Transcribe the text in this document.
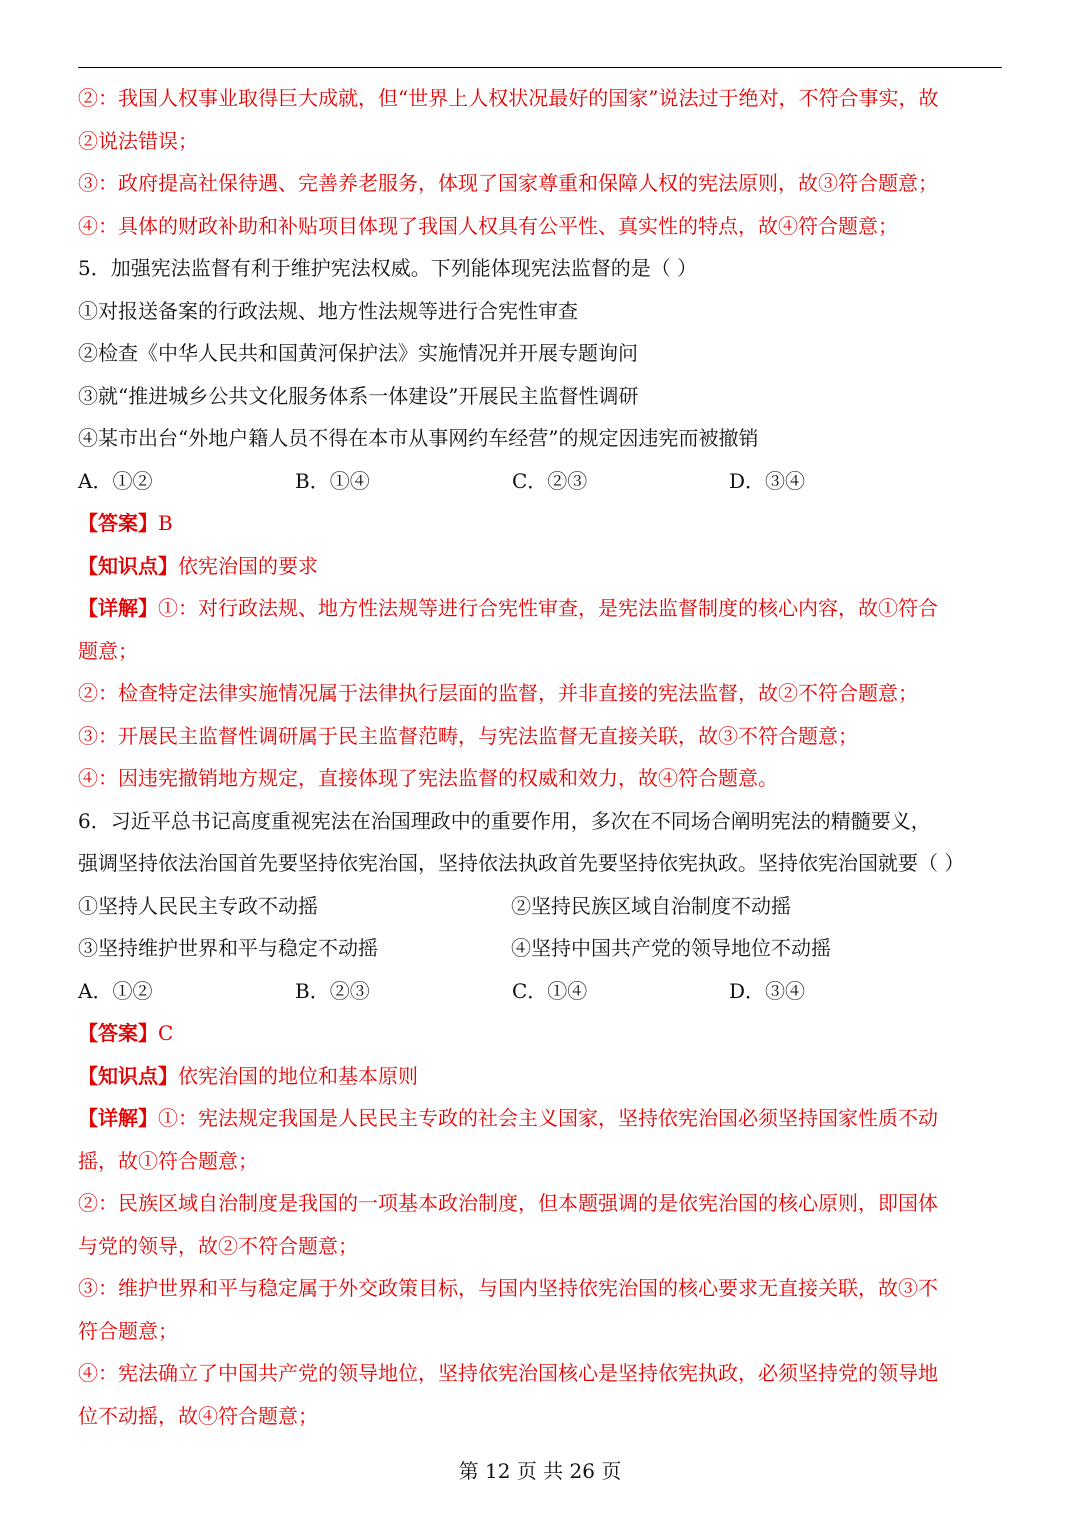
②：我国人权事业取得巨大成就，但“世界上人权状况最好的国家”说法过于绝对，不符合事实，故
②说法错误；
③：政府提高社保待遇、完善养老服务，体现了国家尊重和保障人权的宪法原则，故③符合题意；
④：具体的财政补助和补贴项目体现了我国人权具有公平性、真实性的特点，故④符合题意；
5．加强宪法监督有利于维护宪法权威。下列能体现宪法监督的是（ ）
①对报送备案的行政法规、地方性法规等进行合宪性审查
②检查《中华人民共和国黄河保护法》实施情况并开展专题询问
③就“推进城乡公共文化服务体系一体建设”开展民主监督性调研
④某市出台“外地户籍人员不得在本市从事网约车经营”的规定因违宪而被撤销
A．①②	B．①④	C．②③	D．③④
【答案】B
【知识点】依宪治国的要求
【详解】①：对行政法规、地方性法规等进行合宪性审查，是宪法监督制度的核心内容，故①符合
题意；
②：检查特定法律实施情况属于法律执行层面的监督，并非直接的宪法监督，故②不符合题意；
③：开展民主监督性调研属于民主监督范畴，与宪法监督无直接关联，故③不符合题意；
④：因违宪撤销地方规定，直接体现了宪法监督的权威和效力，故④符合题意。
6．习近平总书记高度重视宪法在治国理政中的重要作用，多次在不同场合阐明宪法的精髓要义，
强调坚持依法治国首先要坚持依宪治国，坚持依法执政首先要坚持依宪执政。坚持依宪治国就要（ ）
①坚持人民民主专政不动摇	②坚持民族区域自治制度不动摇
③坚持维护世界和平与稳定不动摇	④坚持中国共产党的领导地位不动摇
A．①②	B．②③	C．①④	D．③④
【答案】C
【知识点】依宪治国的地位和基本原则
【详解】①：宪法规定我国是人民民主专政的社会主义国家，坚持依宪治国必须坚持国家性质不动
摇，故①符合题意；
②：民族区域自治制度是我国的一项基本政治制度，但本题强调的是依宪治国的核心原则，即国体
与党的领导，故②不符合题意；
③：维护世界和平与稳定属于外交政策目标，与国内坚持依宪治国的核心要求无直接关联，故③不
符合题意；
④：宪法确立了中国共产党的领导地位，坚持依宪治国核心是坚持依宪执政，必须坚持党的领导地
位不动摇，故④符合题意；
第 12 页 共 26 页
